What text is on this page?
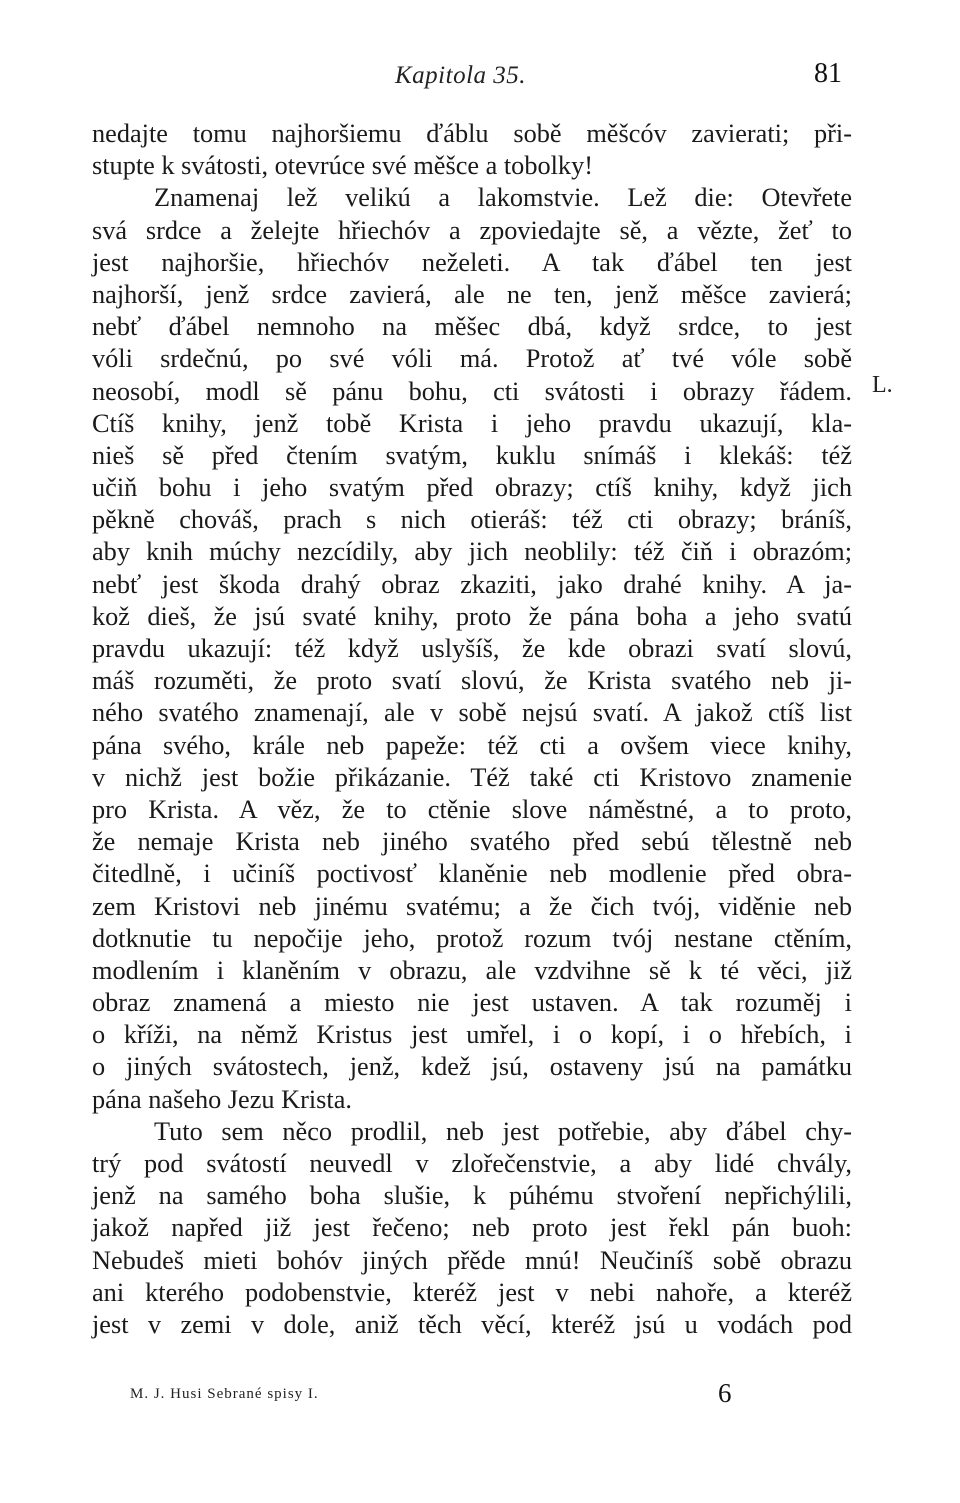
Kapitola 35.	81
nedajte tomu najhoršiemu ďáblu sobě měšcóv zavierati; při-
stupte k svátosti, otevrúce své měšce a tobolky!
Znamenaj lež velikú a lakomstvie. Lež die: Otevřete
svá srdce a želejte hřiechóv a zpoviedajte sě, a vězte, žeť to
jest najhoršie, hřiechóv neželeti. A tak ďábel ten jest
najhorší, jenž srdce zavierá, ale ne ten, jenž měšce zavierá;
nebť ďábel nemnoho na měšec dbá, když srdce, to jest
vóli srdečnú, po své vóli má. Protož ať tvé vóle sobě
neosobí, modl sě pánu bohu, cti svátosti i obrazy řádem.
Ctíš knihy, jenž tobě Krista i jeho pravdu ukazují, kla-
nieš sě před čtením svatým, kuklu snímáš i klekáš: též
učiň bohu i jeho svatým před obrazy; ctíš knihy, když jich
pěkně chováš, prach s nich otieráš: též cti obrazy; bráníš,
aby knih múchy nezcídily, aby jich neoblily: též čiň i obrazóm;
nebť jest škoda drahý obraz zkaziti, jako drahé knihy. A ja-
kož dieš, že jsú svaté knihy, proto že pána boha a jeho svatú
pravdu ukazují: též když uslyšíš, že kde obrazi svatí slovú,
máš rozuměti, že proto svatí slovú, že Krista svatého neb ji-
ného svatého znamenají, ale v sobě nejsú svatí. A jakož ctíš list
pána svého, krále neb papeže: též cti a ovšem viece knihy,
v nichž jest božie přikázanie. Též také cti Kristovo znamenie
pro Krista. A věz, že to ctěnie slove náměstné, a to proto,
že nemaje Krista neb jiného svatého před sebú tělestně neb
čitedlně, i učiníš poctivosť klaněnie neb modlenie před obra-
zem Kristovi neb jinému svatému; a že čich tvój, viděnie neb
dotknutie tu nepočije jeho, protož rozum tvój nestane ctěním,
modlením i klaněním v obrazu, ale vzdvihne sě k té věci, již
obraz znamená a miesto nie jest ustaven. A tak rozuměj i
o kříži, na němž Kristus jest umřel, i o kopí, i o hřebích, i
o jiných svátostech, jenž, kdež jsú, ostaveny jsú na památku
pána našeho Jezu Krista.
Tuto sem něco prodlil, neb jest potřebie, aby ďábel chy-
trý pod svátostí neuvedl v zlořečenstvie, a aby lidé chvály,
jenž na samého boha slušie, k púhému stvoření nepřichýlili,
jakož napřed již jest řečeno; neb proto jest řekl pán buoh:
Nebudeš mieti bohóv jiných přěde mnú! Neučiníš sobě obrazu
ani kterého podobenstvie, kteréž jest v nebi nahoře, a kteréž
jest v zemi v dole, aniž těch věcí, kteréž jsú u vodách pod
L.
M. J. Husi Sebrané spisy I.	6
